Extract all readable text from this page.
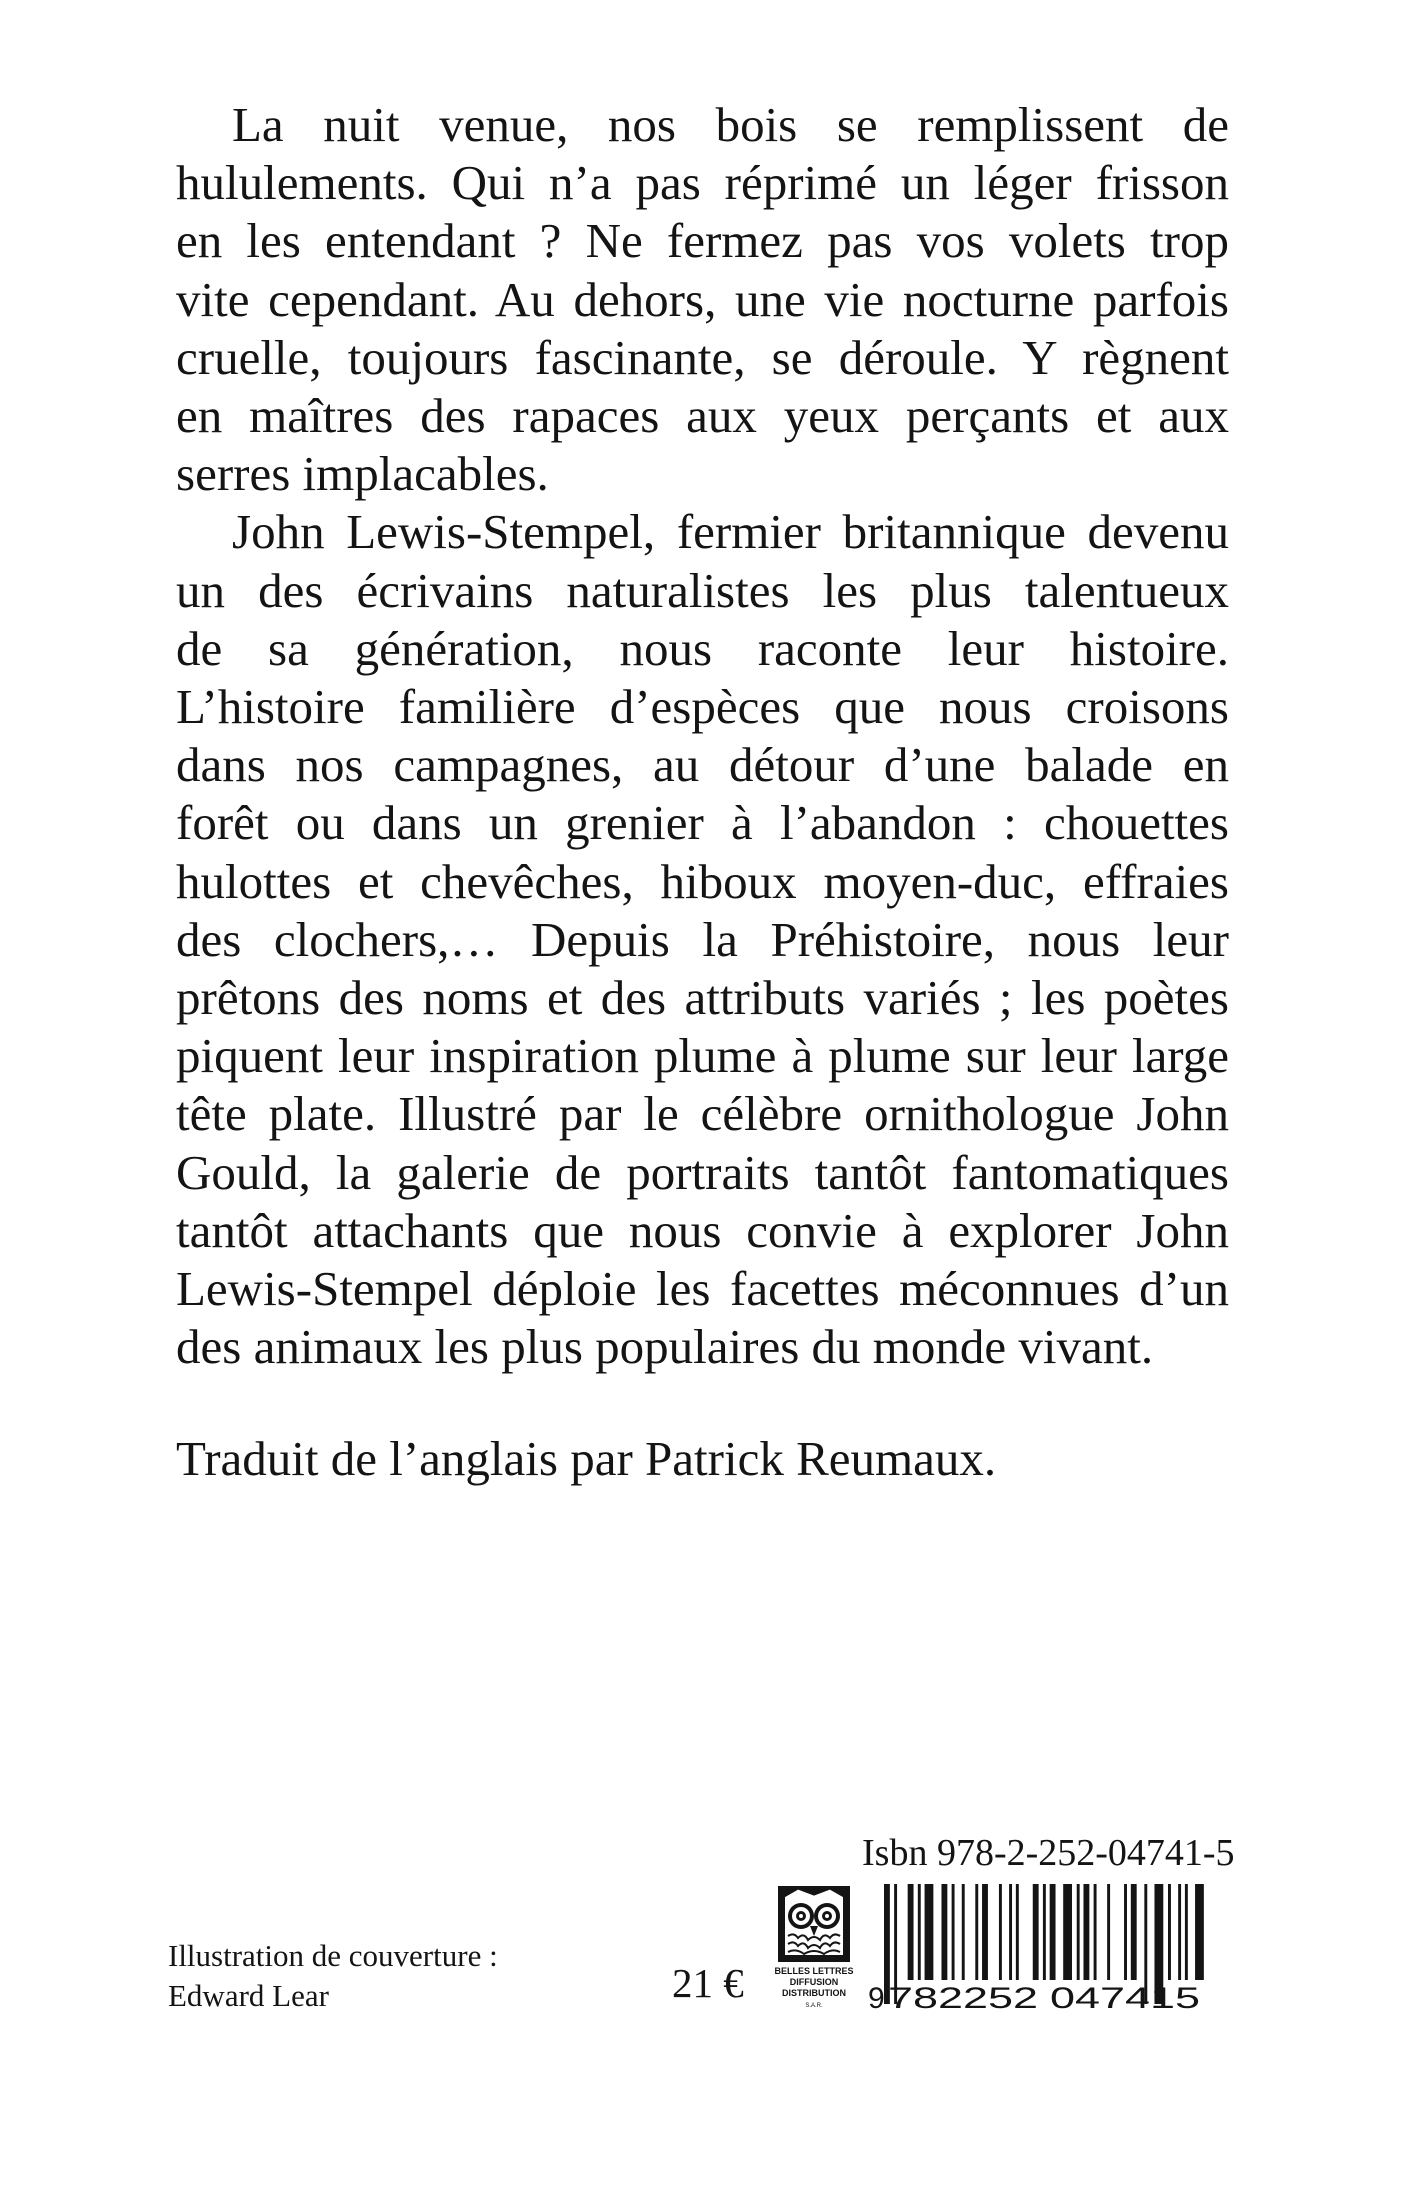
La nuit venue, nos bois se remplissent de
hululements. Qui n’a pas réprimé un léger frisson
en les entendant ? Ne fermez pas vos volets trop
vite cependant. Au dehors, une vie nocturne parfois
cruelle, toujours fascinante, se déroule. Y règnent
en maîtres des rapaces aux yeux perçants et aux
serres implacables.

John Lewis-Stempel, fermier britannique devenu
un des écrivains naturalistes les plus talentueux
de sa génération, nous raconte leur histoire.
L’histoire familière d’espèces que nous croisons
dans nos campagnes, au détour d’une balade en
forêt ou dans un grenier à l’abandon : chouettes
hulottes et chevêches, hiboux moyen-duc, effraies
des clochers,… Depuis la Préhistoire, nous leur
prêtons des noms et des attributs variés ; les poètes
piquent leur inspiration plume à plume sur leur large
tête plate. Illustré par le célèbre ornithologue John
Gould, la galerie de portraits tantôt fantomatiques
tantôt attachants que nous convie à explorer John
Lewis-Stempel déploie les facettes méconnues d’un
des animaux les plus populaires du monde vivant.

Traduit de l’anglais par Patrick Reumaux.
Illustration de couverture :
Edward Lear	21 €
Isbn 978-2-252-04741-5
BELLES LETTRES
DIFFUSION
DISTRIBUTION
S.A.R. 9 782252 047415
